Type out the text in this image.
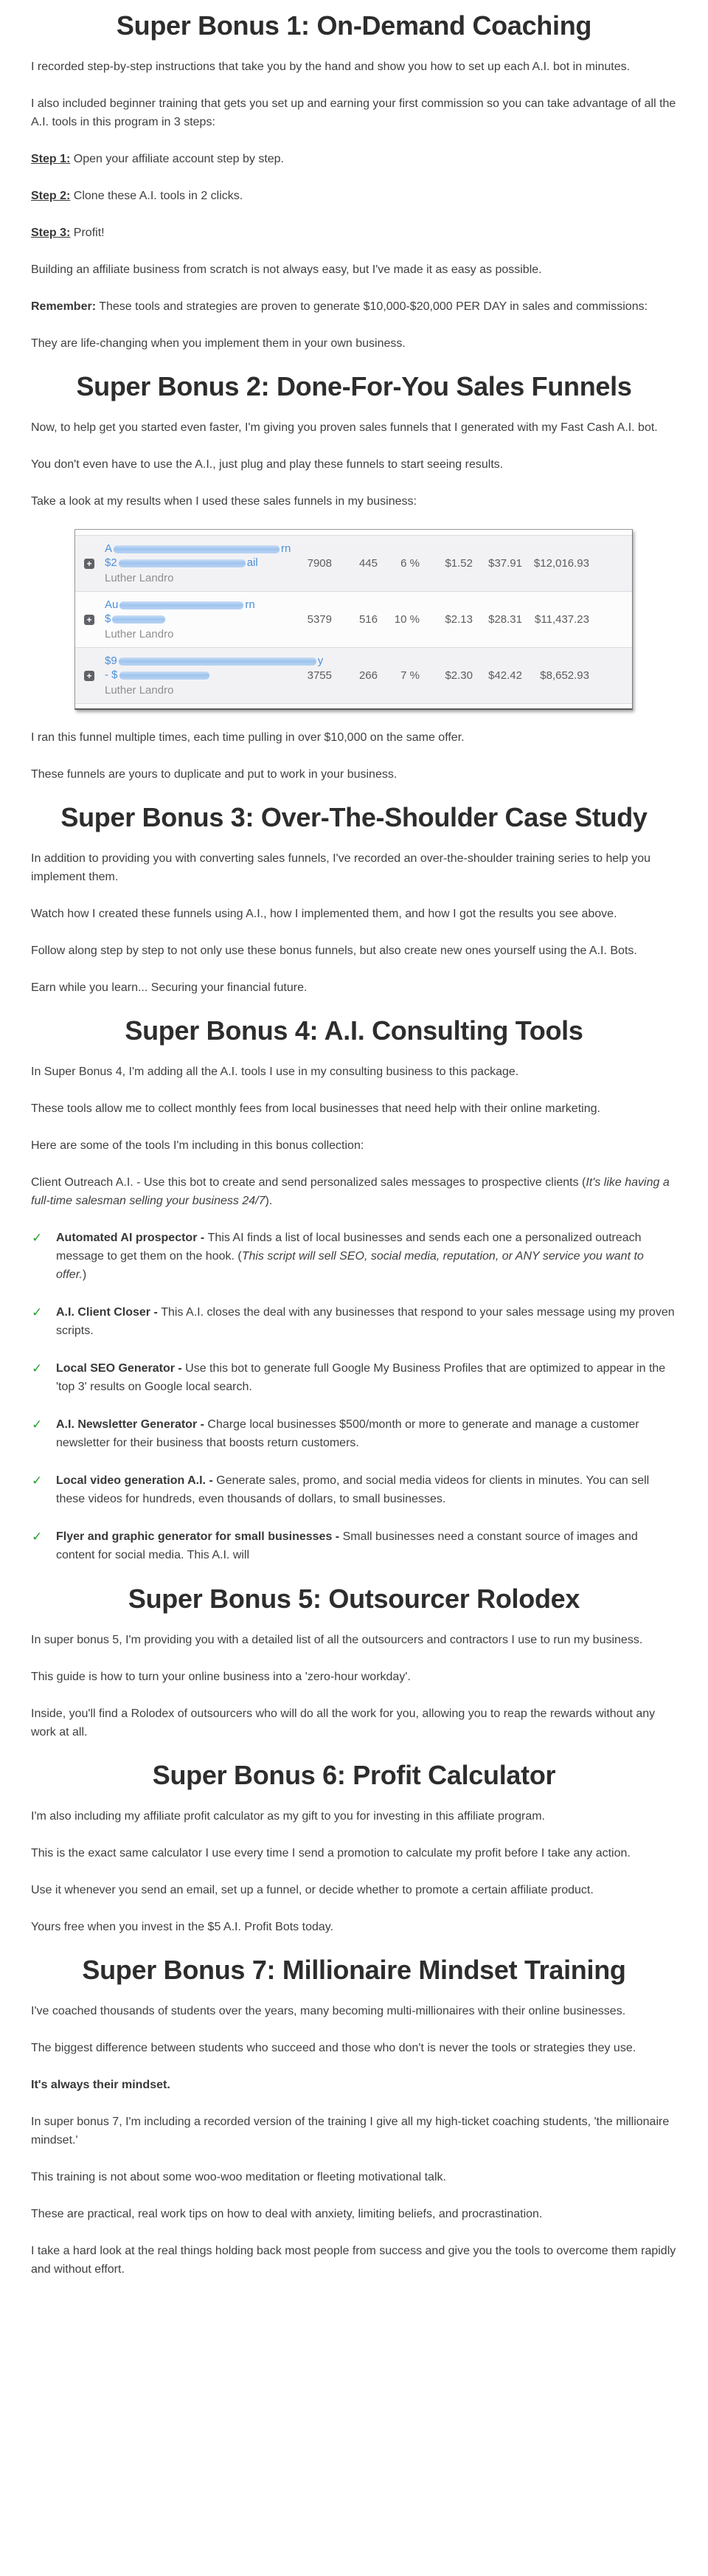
Super Bonus 1: On-Demand Coaching

I recorded step-by-step instructions that take you by the hand and show you how to set up each A.I. bot in minutes.

I also included beginner training that gets you set up and earning your first commission so you can take advantage of all the A.I. tools in this program in 3 steps:

Step 1: Open your affiliate account step by step.

Step 2: Clone these A.I. tools in 2 clicks.

Step 3: Profit!

Building an affiliate business from scratch is not always easy, but I've made it as easy as possible.

Remember: These tools and strategies are proven to generate $10,000-$20,000 PER DAY in sales and commissions:

They are life-changing when you implement them in your own business.

Super Bonus 2: Done-For-You Sales Funnels

Now, to help get you started even faster, I'm giving you proven sales funnels that I generated with my Fast Cash A.I. bot.

You don't even have to use the A.I., just plug and play these funnels to start seeing results.

Take a look at my results when I used these sales funnels in my business:

+
A	rn
$2	ail
Luther Landro
7908	445	6 %	$1.52	$37.91	$12,016.93
+
Au	rn
$
Luther Landro
5379	516	10 %	$2.13	$28.31	$11,437.23
+
$9	y
- $
Luther Landro
3755	266	7 %	$2.30	$42.42	$8,652.93

I ran this funnel multiple times, each time pulling in over $10,000 on the same offer.

These funnels are yours to duplicate and put to work in your business.

Super Bonus 3: Over-The-Shoulder Case Study

In addition to providing you with converting sales funnels, I've recorded an over-the-shoulder training series to help you implement them.

Watch how I created these funnels using A.I., how I implemented them, and how I got the results you see above.

Follow along step by step to not only use these bonus funnels, but also create new ones yourself using the A.I. Bots.

Earn while you learn... Securing your financial future.

Super Bonus 4: A.I. Consulting Tools

In Super Bonus 4, I'm adding all the A.I. tools I use in my consulting business to this package.

These tools allow me to collect monthly fees from local businesses that need help with their online marketing.

Here are some of the tools I'm including in this bonus collection:

Client Outreach A.I. - Use this bot to create and send personalized sales messages to prospective clients (It's like having a full-time salesman selling your business 24/7).

✓	Automated AI prospector - This AI finds a list of local businesses and sends each one a personalized outreach message to get them on the hook. (This script will sell SEO, social media, reputation, or ANY service you want to offer.)
✓	A.I. Client Closer - This A.I. closes the deal with any businesses that respond to your sales message using my proven scripts.
✓	Local SEO Generator - Use this bot to generate full Google My Business Profiles that are optimized to appear in the 'top 3' results on Google local search.
✓	A.I. Newsletter Generator - Charge local businesses $500/month or more to generate and manage a customer newsletter for their business that boosts return customers.
✓	Local video generation A.I. - Generate sales, promo, and social media videos for clients in minutes. You can sell these videos for hundreds, even thousands of dollars, to small businesses.
✓	Flyer and graphic generator for small businesses - Small businesses need a constant source of images and content for social media. This A.I. will
Super Bonus 5: Outsourcer Rolodex

In super bonus 5, I'm providing you with a detailed list of all the outsourcers and contractors I use to run my business.

This guide is how to turn your online business into a 'zero-hour workday'.

Inside, you'll find a Rolodex of outsourcers who will do all the work for you, allowing you to reap the rewards without any work at all.

Super Bonus 6: Profit Calculator

I'm also including my affiliate profit calculator as my gift to you for investing in this affiliate program.

This is the exact same calculator I use every time I send a promotion to calculate my profit before I take any action.

Use it whenever you send an email, set up a funnel, or decide whether to promote a certain affiliate product.

Yours free when you invest in the $5 A.I. Profit Bots today.

Super Bonus 7: Millionaire Mindset Training

I've coached thousands of students over the years, many becoming multi-millionaires with their online businesses.

The biggest difference between students who succeed and those who don't is never the tools or strategies they use.

It's always their mindset.

In super bonus 7, I'm including a recorded version of the training I give all my high-ticket coaching students, 'the millionaire mindset.'

This training is not about some woo-woo meditation or fleeting motivational talk.

These are practical, real work tips on how to deal with anxiety, limiting beliefs, and procrastination.

I take a hard look at the real things holding back most people from success and give you the tools to overcome them rapidly and without effort.
